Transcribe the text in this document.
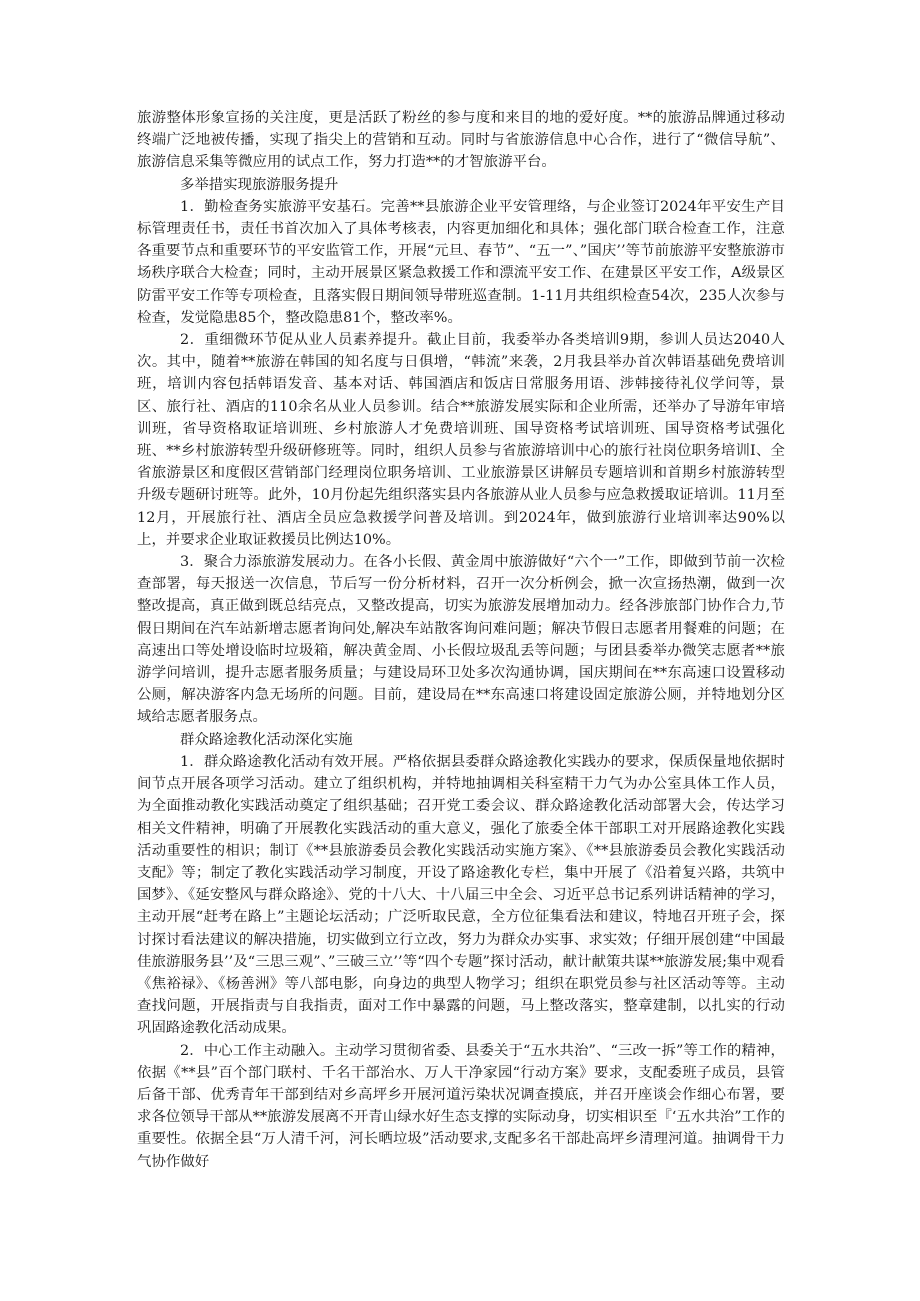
旅游整体形象宣扬的关注度，更是活跃了粉丝的参与度和来目的地的爱好度。**的旅游品牌通过移动终端广泛地被传播，实现了指尖上的营销和互动。同时与省旅游信息中心合作，进行了“微信导航”、旅游信息采集等微应用的试点工作，努力打造**的才智旅游平台。

多举措实现旅游服务提升

1．勤检查务实旅游平安基石。完善**县旅游企业平安管理络，与企业签订2024年平安生产目标管理责任书，责任书首次加入了具体考核表，内容更加细化和具体；强化部门联合检查工作，注意各重要节点和重要环节的平安监管工作，开展“元旦、春节”、“五一”、”国庆’’等节前旅游平安整旅游市场秩序联合大检查；同时，主动开展景区紧急救援工作和漂流平安工作、在建景区平安工作，A级景区防雷平安工作等专项检查，且落实假日期间领导带班巡查制。1-11月共组织检查54次，235人次参与检查，发觉隐患85个，整改隐患81个，整改率%。

2．重细微环节促从业人员素养提升。截止目前，我委举办各类培训9期，参训人员达2040人次。其中，随着**旅游在韩国的知名度与日俱增，“韩流”来袭，2月我县举办首次韩语基础免费培训班，培训内容包括韩语发音、基本对话、韩国酒店和饭店日常服务用语、涉韩接待礼仪学问等，景区、旅行社、酒店的110余名从业人员参训。结合**旅游发展实际和企业所需，还举办了导游年审培训班，省导资格取证培训班、乡村旅游人才免费培训班、国导资格考试培训班、国导资格考试强化班、**乡村旅游转型升级研修班等。同时，组织人员参与省旅游培训中心的旅行社岗位职务培训I、全省旅游景区和度假区营销部门经理岗位职务培训、工业旅游景区讲解员专题培训和首期乡村旅游转型升级专题研讨班等。此外，10月份起先组织落实县内各旅游从业人员参与应急救援取证培训。11月至12月，开展旅行社、酒店全员应急救援学问普及培训。到2024年，做到旅游行业培训率达90%以上，并要求企业取证救援员比例达10%。

3．聚合力添旅游发展动力。在各小长假、黄金周中旅游做好“六个一”工作，即做到节前一次检查部署，每天报送一次信息，节后写一份分析材料，召开一次分析例会，掀一次宣扬热潮，做到一次整改提高，真正做到既总结亮点，又整改提高，切实为旅游发展增加动力。经各涉旅部门协作合力,节假日期间在汽车站新增志愿者询问处,解决车站散客询问难问题；解决节假日志愿者用餐难的问题；在高速出口等处增设临时垃圾箱，解决黄金周、小长假垃圾乱丢等问题；与团县委举办微笑志愿者**旅游学问培训，提升志愿者服务质量；与建设局环卫处多次沟通协调，国庆期间在**东高速口设置移动公厕，解决游客内急无场所的问题。目前，建设局在**东高速口将建设固定旅游公厕，并特地划分区域给志愿者服务点。

群众路途教化活动深化实施

1．群众路途教化活动有效开展。严格依据县委群众路途教化实践办的要求，保质保量地依据时间节点开展各项学习活动。建立了组织机构，并特地抽调相关科室精干力气为办公室具体工作人员，为全面推动教化实践活动奠定了组织基础；召开党工委会议、群众路途教化活动部署大会，传达学习相关文件精神，明确了开展教化实践活动的重大意义，强化了旅委全体干部职工对开展路途教化实践活动重要性的相识；制订《**县旅游委员会教化实践活动实施方案》、《**县旅游委员会教化实践活动支配》等；制定了教化实践活动学习制度，开设了路途教化专栏，集中开展了《沿着复兴路，共筑中国梦》、《延安整风与群众路途》、党的十八大、十八届三中全会、习近平总书记系列讲话精神的学习，主动开展“赶考在路上”主题论坛活动；广泛听取民意，全方位征集看法和建议，特地召开班子会，探讨探讨看法建议的解决措施，切实做到立行立改，努力为群众办实事、求实效；仔细开展创建“中国最佳旅游服务县’’及“三思三观”、”三破三立’’等“四个专题”探讨活动，献计献策共谋**旅游发展;集中观看《焦裕禄》、《杨善洲》等八部电影，向身边的典型人物学习；组织在职党员参与社区活动等等。主动查找问题，开展指责与自我指责，面对工作中暴露的问题，马上整改落实，整章建制，以扎实的行动巩固路途教化活动成果。

2．中心工作主动融入。主动学习贯彻省委、县委关于“五水共治”、“三改一拆”等工作的精神，依据《**县”百个部门联村、千名干部治水、万人干净家园“行动方案》要求，支配委班子成员，县管后备干部、优秀青年干部到结对乡高坪乡开展河道污染状况调查摸底，并召开座谈会作细心布署，要求各位领导干部从**旅游发展离不开青山绿水好生态支撑的实际动身，切实相识至『‘五水共治”工作的重要性。依据全县“万人清千河，河长晒垃圾”活动要求,支配多名干部赴高坪乡清理河道。抽调骨干力气协作做好
